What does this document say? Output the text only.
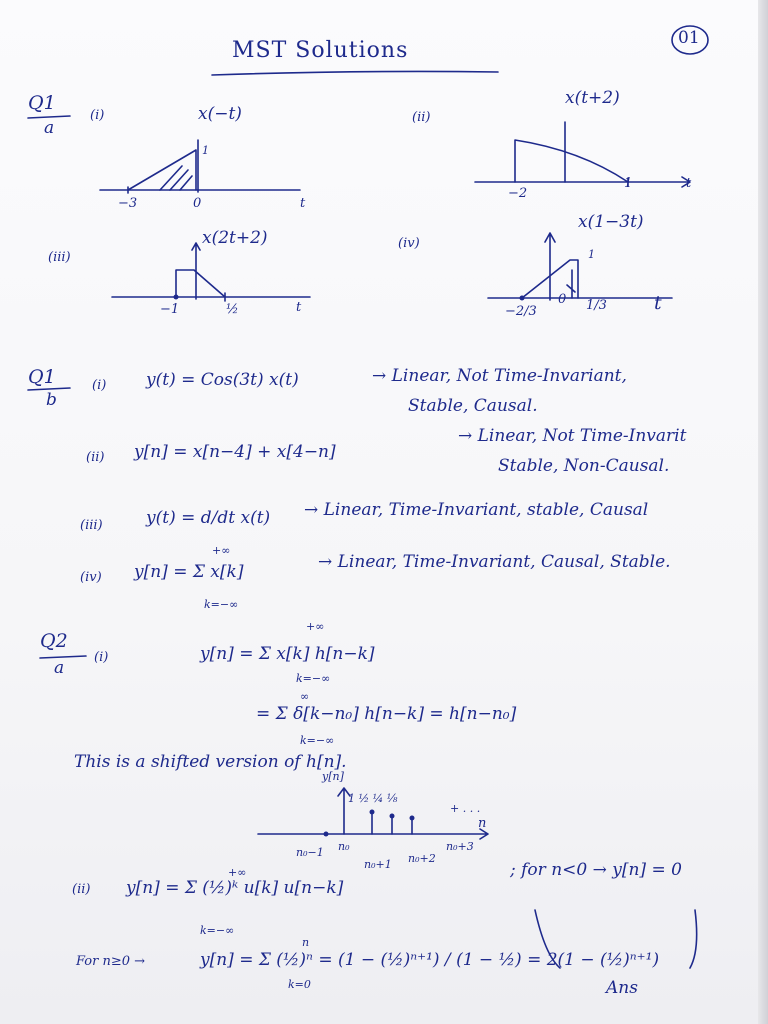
01
MST Solutions
Q1
a
(i)	x(−t)
1
−3	0	t
(ii)
x(t+2)
−2
1	t
(iii)
x(2t+2)
−1	½	t
(iv)
x(1−3t)
1
−2/3
0 1/3 t
Q1
b
(i) y(t) = Cos(3t) x(t)	→ Linear, Not Time-Invariant,
Stable, Causal.
(ii) y[n] = x[n−4] + x[4−n]
→ Linear, Not Time-Invarit
Stable, Non-Causal.
(iii)	y(t) = d/dt x(t) → Linear, Time-Invariant, stable, Causal
(iv) y[n] = Σ x[k]
+∞
k=−∞
→ Linear, Time-Invariant, Causal, Stable.
Q2
a
(i)
+∞
y[n] = Σ x[k] h[n−k]
k=−∞
∞
= Σ δ[k−n₀] h[n−k] = h[n−n₀]
k=−∞
This is a shifted version of h[n].
y[n]
1 ½ ¼ ⅛
+ . . .
n
n₀−1 n₀
n₀+1 n₀+2
n₀+3
(ii)
+∞
y[n] = Σ (½)ᵏ u[k] u[n−k]
k=−∞
; for n<0 → y[n] = 0
For n≥0 →
n
y[n] = Σ (½)ⁿ = (1 − (½)ⁿ⁺¹) / (1 − ½) = 2(1 − (½)ⁿ⁺¹)
k=0	Ans
